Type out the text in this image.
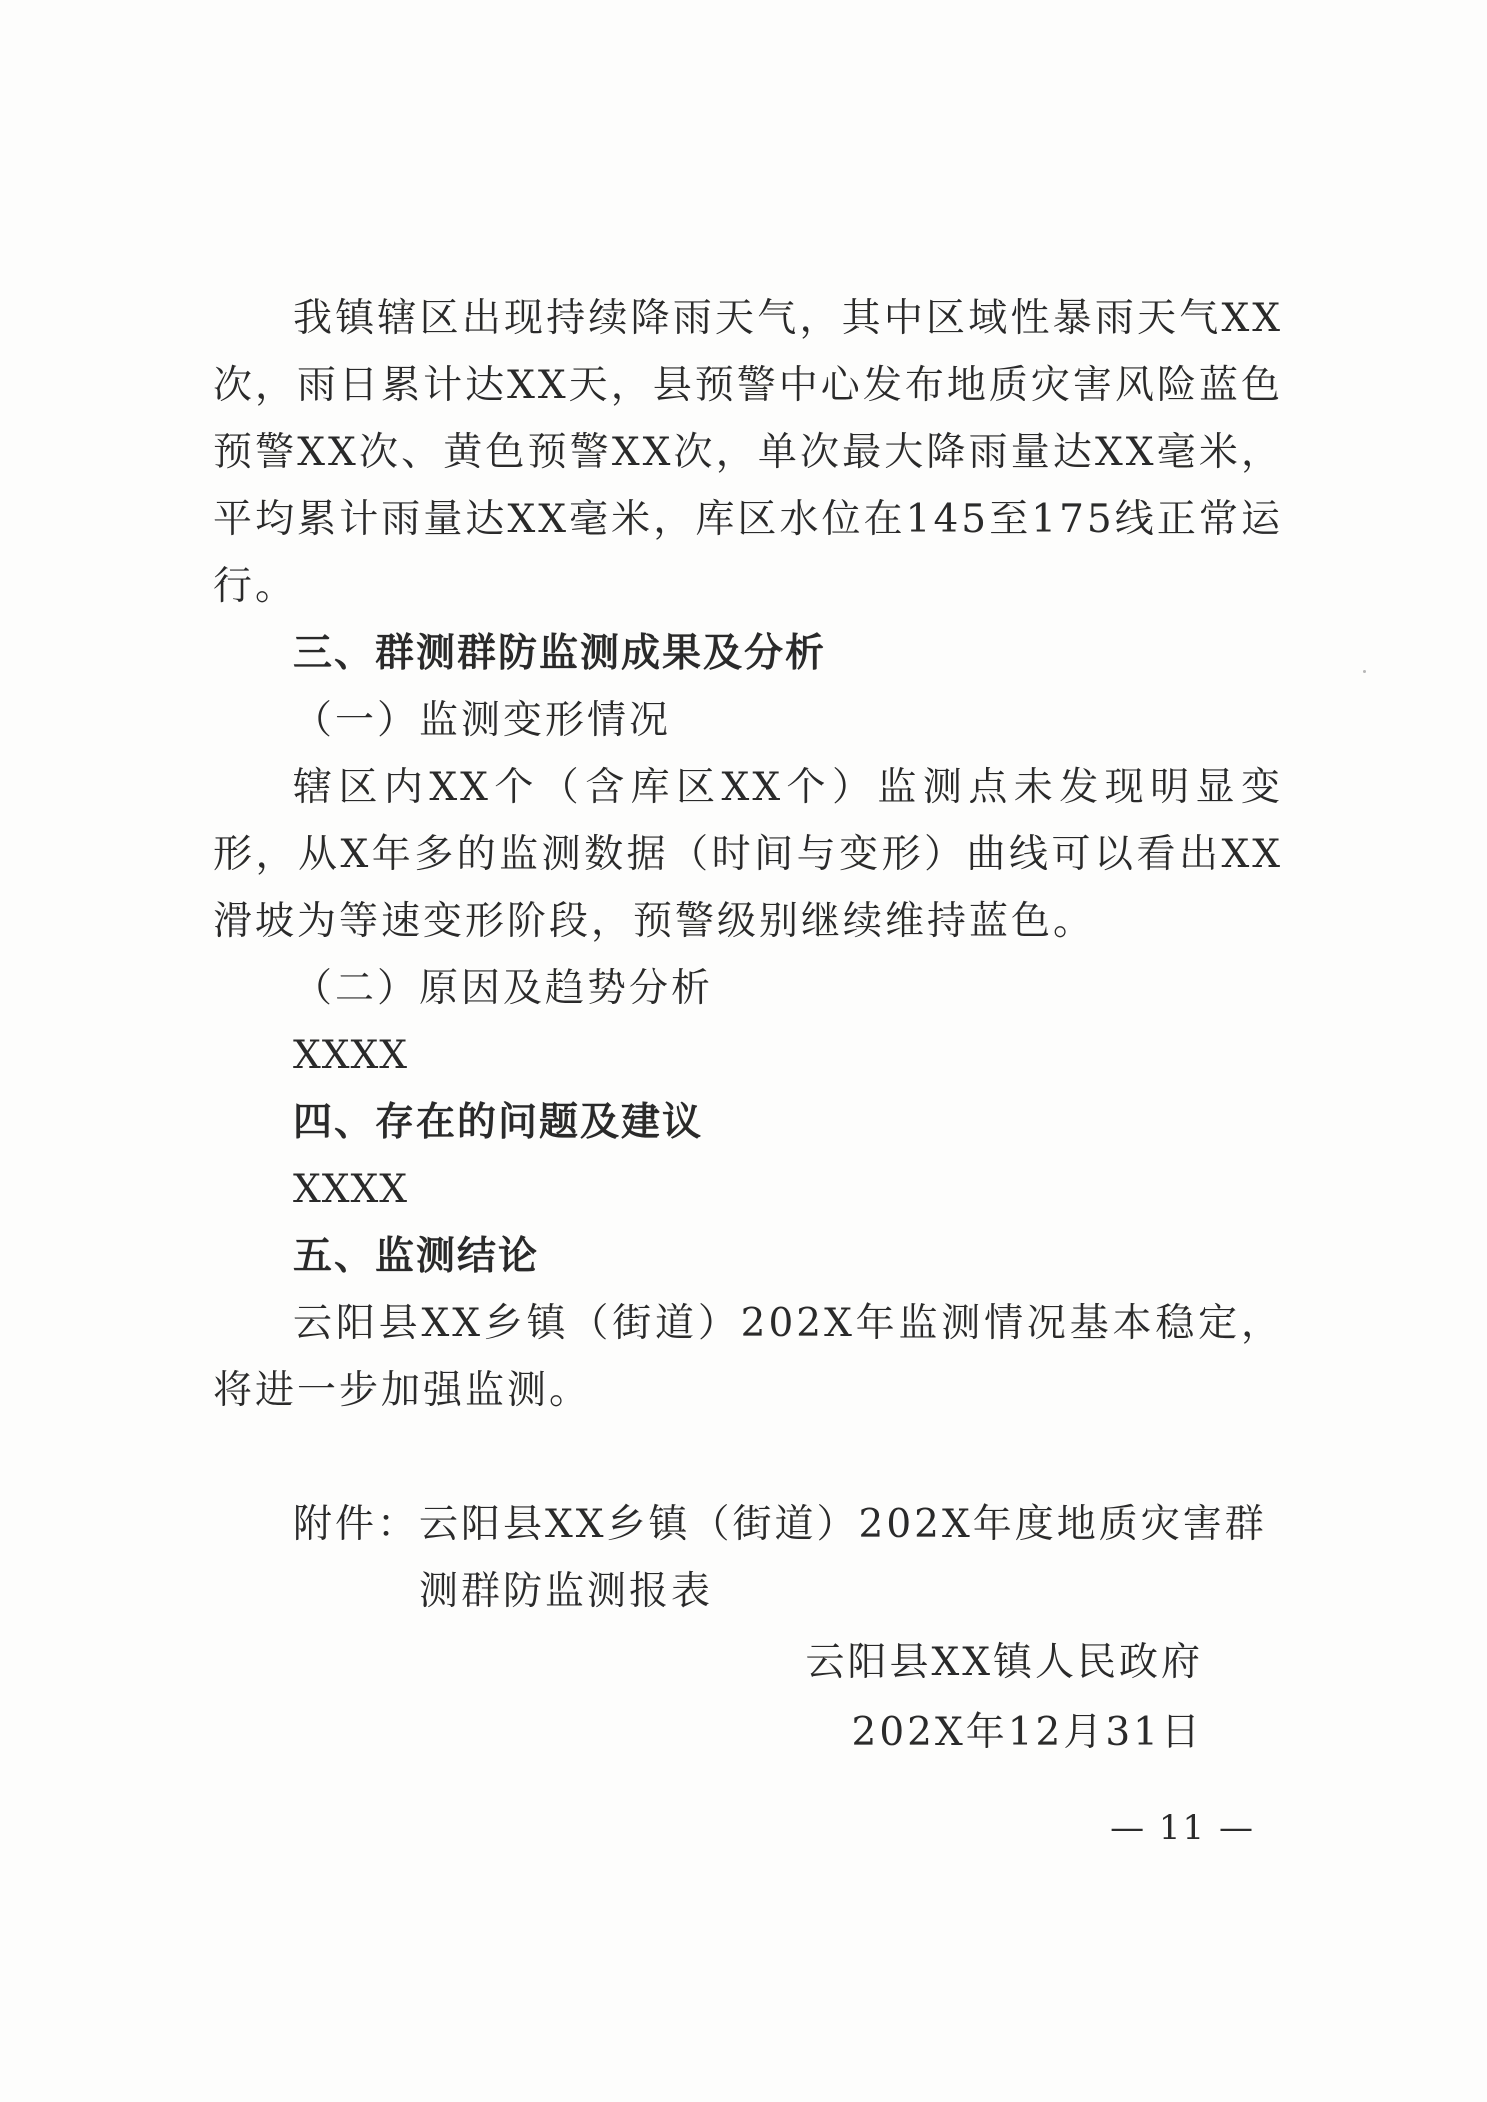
我镇辖区出现持续降雨天气，其中区域性暴雨天气XX次，雨日累计达XX天，县预警中心发布地质灾害风险蓝色预警XX次、黄色预警XX次，单次最大降雨量达XX毫米，平均累计雨量达XX毫米，库区水位在145至175线正常运行。

三、群测群防监测成果及分析

（一）监测变形情况

辖区内XX个（含库区XX个）监测点未发现明显变形，从X年多的监测数据（时间与变形）曲线可以看出XX滑坡为等速变形阶段，预警级别继续维持蓝色。

（二）原因及趋势分析

XXXX

四、存在的问题及建议

XXXX

五、监测结论

云阳县XX乡镇（街道）202X年监测情况基本稳定，将进一步加强监测。

附件： 云阳县XX乡镇（街道）202X年度地质灾害群测群防监测报表

云阳县XX镇人民政府
202X年12月31日
— 11 —
